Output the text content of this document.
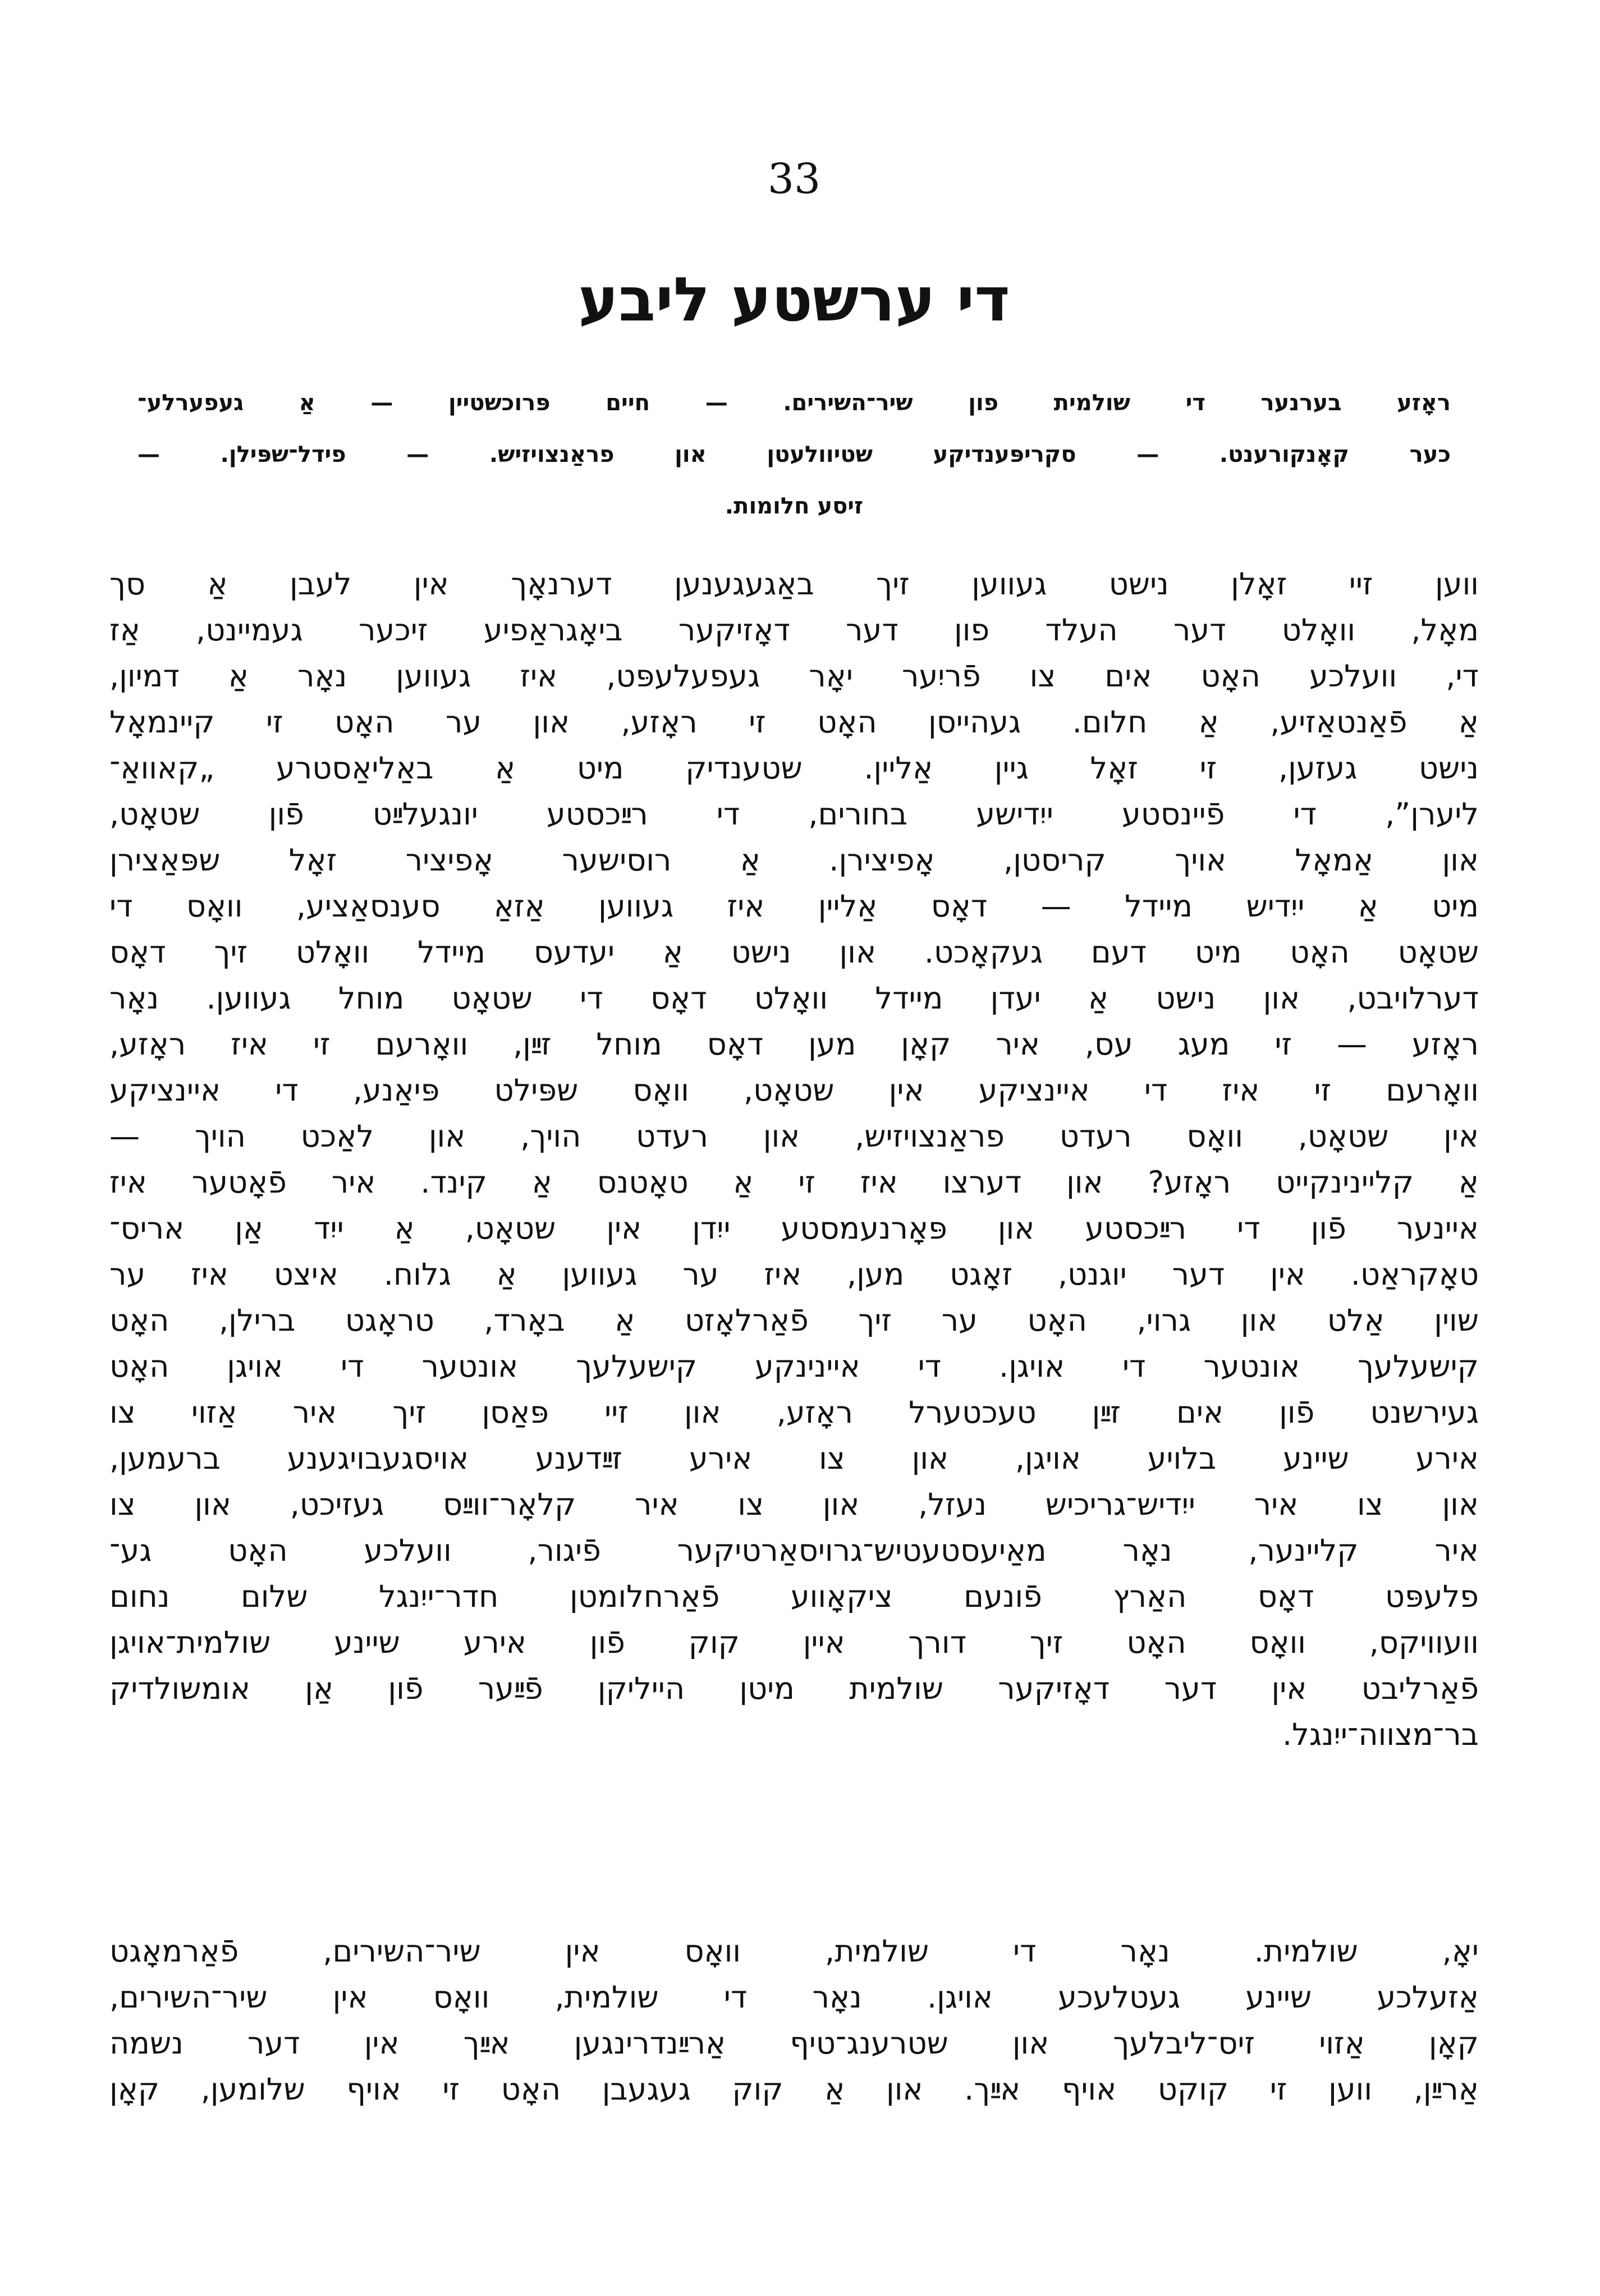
33
די ערשטע ליבע
ראָזע בערנער די שולמית פון שיר־השירים. — חיים פּרוכשטיין — אַ געפערלע־
כער קאָנקורענט. — סקריפּענדיקע שטיוולעטן און פראַנצויזיש. — פידל־שפּילן. —
זיסע חלומות.
ווען זיי זאָלן נישט געווען זיך באַגעגענען דערנאָך אין לעבן אַ סך
מאָל, וואָלט דער העלד פון דער דאָזיקער ביאָגראַפיע זיכער געמיינט, אַז
די, וועלכע האָט אים צו פֿריִער יאָר געפעלעפּט, איז געווען נאָר אַ דמיון,
אַ פֿאַנטאַזיע, אַ חלום. געהייסן האָט זי ראָזע, און ער האָט זי קיינמאָל
נישט געזען, זי זאָל גיין אַליין. שטענדיק מיט אַ באַליאַסטרע „קאוואַ־
ליערן”, די פֿיינסטע ייִדישע בחורים, די רײַכסטע יונגעלײַט פֿון שטאָט,
און אַמאָל אויך קריסטן, אָפיצירן. אַ רוסישער אָפיציר זאָל שפּאַצירן
מיט אַ ייִדיש מיידל — דאָס אַליין איז געווען אַזאַ סענסאַציע, וואָס די
שטאָט האָט מיט דעם געקאָכט. און נישט אַ יעדעס מיידל וואָלט זיך דאָס
דערלויבט, און נישט אַ יעדן מיידל וואָלט דאָס די שטאָט מוחל געווען. נאָר
ראָזע — זי מעג עס, איר קאָן מען דאָס מוחל זײַן, וואָרעם זי איז ראָזע,
וואָרעם זי איז די איינציקע אין שטאָט, וואָס שפּילט פּיאַנע, די איינציקע
אין שטאָט, וואָס רעדט פראַנצויזיש, און רעדט הויך, און לאַכט הויך —
אַ קליינינקייט ראָזע? און דערצו איז זי אַ טאָטנס אַ קינד. איר פֿאָטער איז
איינער פֿון די רײַכסטע און פּאָרנעמסטע ייִדן אין שטאָט, אַ ייִד אַן אריס־
טאָקראַט. אין דער יוגנט, זאָגט מען, איז ער געווען אַ גלוח. איצט איז ער
שוין אַלט און גרוי, האָט ער זיך פֿאַרלאָזט אַ באָרד, טראָגט ברילן, האָט
קישעלעך אונטער די אויגן. די איינינקע קישעלעך אונטער די אויגן האָט
געירשנט פֿון אים זײַן טעכטערל ראָזע, און זיי פּאַסן זיך איר אַזוי צו
אירע שיינע בלויע אויגן, און צו אירע זײַדענע אויסגעבויגענע ברעמען,
און צו איר ייִדיש־גריכיש נעזל, און צו איר קלאָר־ווײַס געזיכט, און צו
איר קליינער, נאָר מאַיעסטעטיש־גרויסאַרטיקער פֿיגור, וועלכע האָט גע־
פלעפּט דאָס האַרץ פֿונעם ציקאָווע פֿאַרחלומטן חדר־ייִנגל שלום נחום
וועוויקס, וואָס האָט זיך דורך איין קוק פֿון אירע שיינע שולמית־אויגן
פֿאַרליבט אין דער דאָזיקער שולמית מיטן הייליקן פֿײַער פֿון אַן אומשולדיק
בר־מצווה־ייִנגל.
יאָ, שולמית. נאָר די שולמית, וואָס אין שיר־השירים, פֿאַרמאָגט
אַזעלכע שיינע געטלעכע אויגן. נאָר די שולמית, וואָס אין שיר־השירים,
קאָן אַזוי זיס־ליבלעך און שטרענג־טיף אַרײַנדרינגען אײַך אין דער נשמה
אַרײַן, ווען זי קוקט אויף אײַך. און אַ קוק געגעבן האָט זי אויף שלומען, קאָן
